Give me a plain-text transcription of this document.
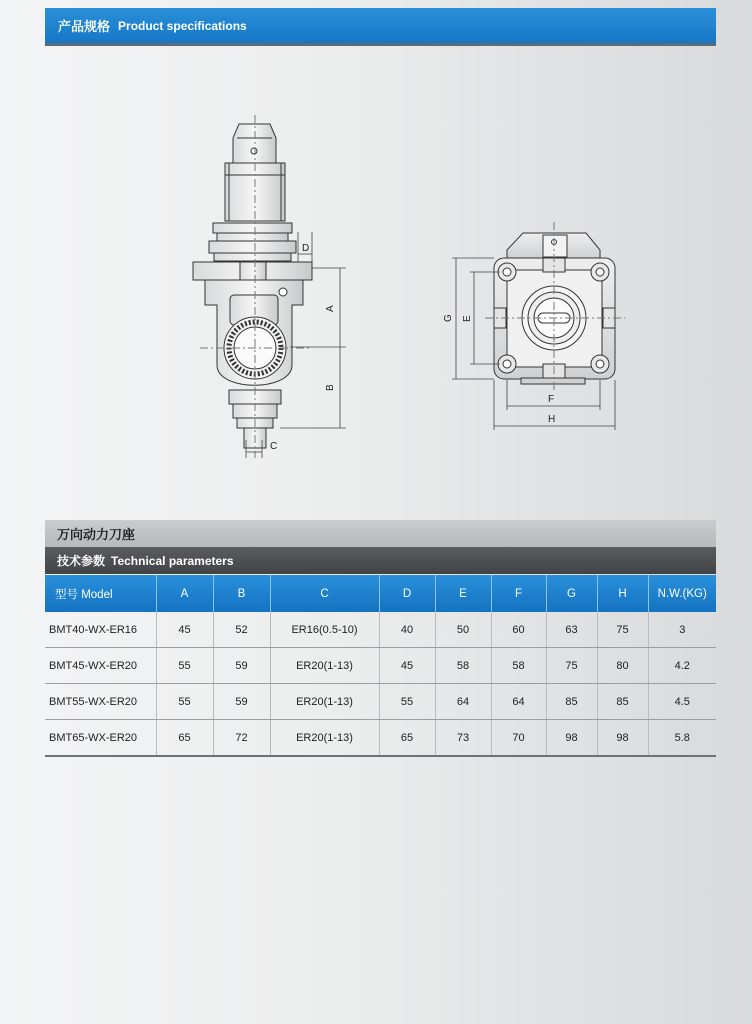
产品规格 Product specifications
D
A
B
C
G E
F
H
万向动力刀座
技术参数 Technical parameters
型号 Model	A	B	C	D	E	F	G	H	N.W.(KG)
BMT40-WX-ER16	45	52	ER16(0.5-10)	40	50	60	63	75	3
BMT45-WX-ER20	55	59	ER20(1-13)	45	58	58	75	80	4.2
BMT55-WX-ER20	55	59	ER20(1-13)	55	64	64	85	85	4.5
BMT65-WX-ER20	65	72	ER20(1-13)	65	73	70	98	98	5.8
